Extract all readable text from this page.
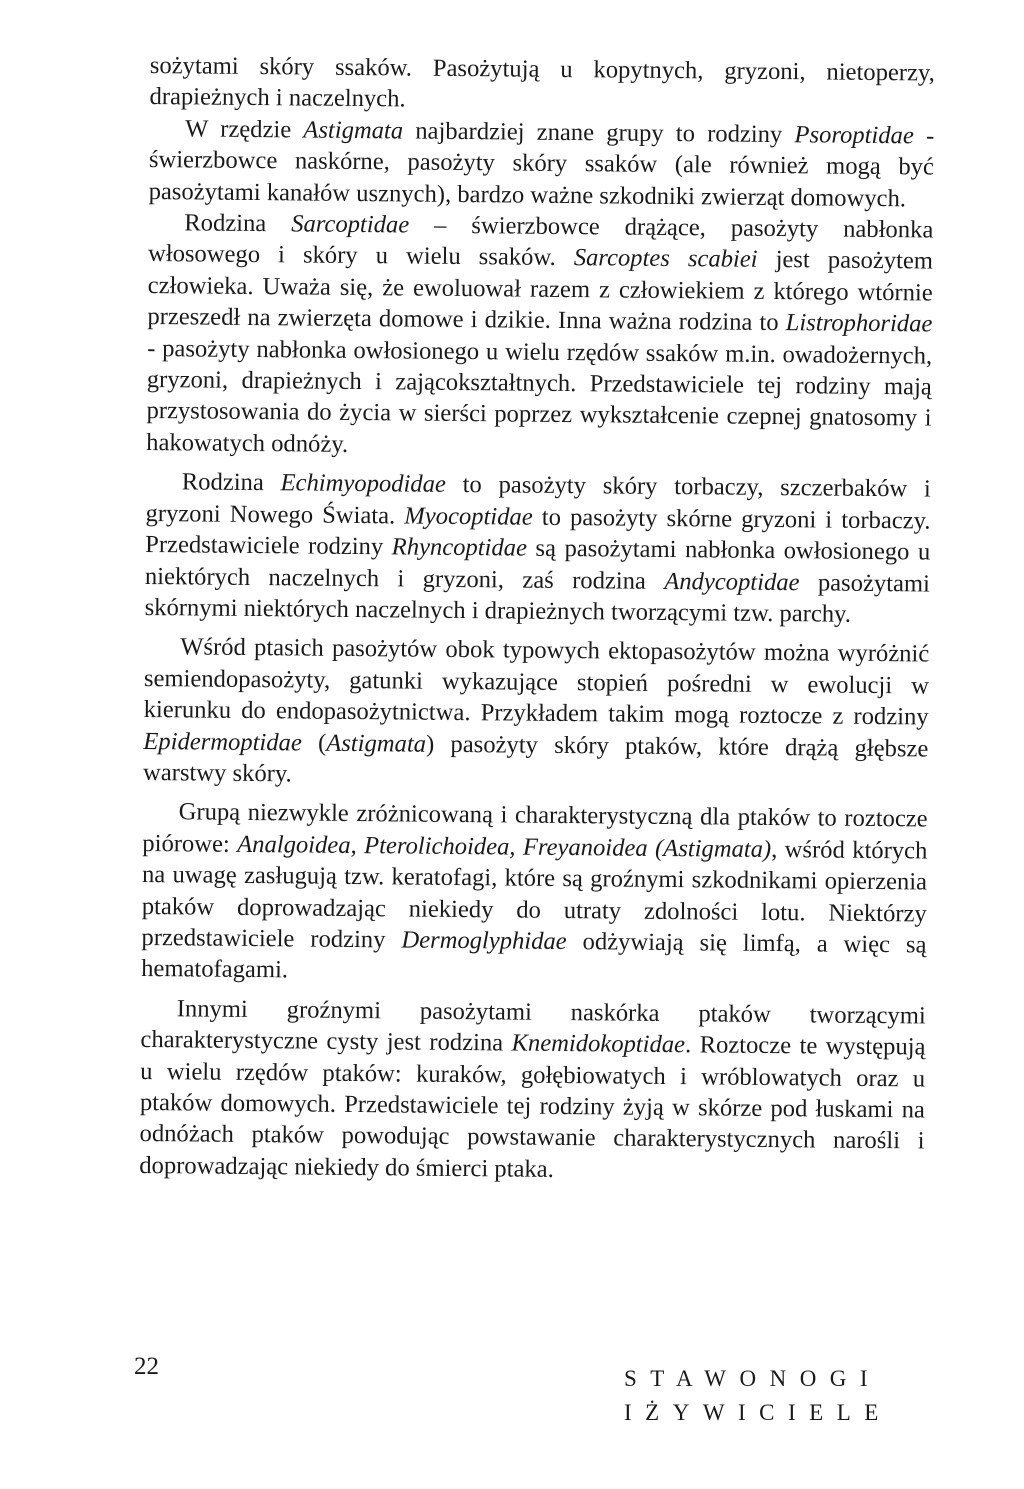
sożytami skóry ssaków. Pasożytują u kopytnych, gryzoni, nietoperzy, drapieżnych i naczelnych.

W rzędzie Astigmata najbardziej znane grupy to rodziny Psoroptidae - świerzbowce naskórne, pasożyty skóry ssaków (ale również mogą być pasożytami kanałów usznych), bardzo ważne szkodniki zwierząt domowych.

Rodzina Sarcoptidae – świerzbowce drążące, pasożyty nabłonka włosowego i skóry u wielu ssaków. Sarcoptes scabiei jest pasożytem człowieka. Uważa się, że ewoluował razem z człowiekiem z którego wtórnie przeszedł na zwierzęta domowe i dzikie. Inna ważna rodzina to Listrophoridae - pasożyty nabłonka owłosionego u wielu rzędów ssaków m.in. owadożernych, gryzoni, drapieżnych i zającokształtnych. Przedstawiciele tej rodziny mają przystosowania do życia w sierści poprzez wykształcenie czepnej gnatosomy i hakowatych odnóży.

Rodzina Echimyopodidae to pasożyty skóry torbaczy, szczerbaków i gryzoni Nowego Świata. Myocoptidae to pasożyty skórne gryzoni i torbaczy. Przedstawiciele rodziny Rhyncoptidae są pasożytami nabłonka owłosionego u niektórych naczelnych i gryzoni, zaś rodzina Andycoptidae pasożytami skórnymi niektórych naczelnych i drapieżnych tworzącymi tzw. parchy.

Wśród ptasich pasożytów obok typowych ektopasożytów można wyróżnić semiendopasożyty, gatunki wykazujące stopień pośredni w ewolucji w kierunku do endopasożytnictwa. Przykładem takim mogą roztocze z rodziny Epidermoptidae (Astigmata) pasożyty skóry ptaków, które drążą głębsze warstwy skóry.

Grupą niezwykle zróżnicowaną i charakterystyczną dla ptaków to roztocze piórowe: Analgoidea, Pterolichoidea, Freyanoidea (Astigmata), wśród których na uwagę zasługują tzw. keratofagi, które są groźnymi szkodnikami opierzenia ptaków doprowadzając niekiedy do utraty zdolności lotu. Niektórzy przedstawiciele rodziny Dermoglyphidae odżywiają się limfą, a więc są hematofagami.

Innymi groźnymi pasożytami naskórka ptaków tworzącymi charakterystyczne cysty jest rodzina Knemidokoptidae. Roztocze te występują u wielu rzędów ptaków: kuraków, gołębiowatych i wróblowatych oraz u ptaków domowych. Przedstawiciele tej rodziny żyją w skórze pod łuskami na odnóżach ptaków powodując powstawanie charakterystycznych narośli i doprowadzając niekiedy do śmierci ptaka.

22	STAWONOGI
IŻYWICIELE
